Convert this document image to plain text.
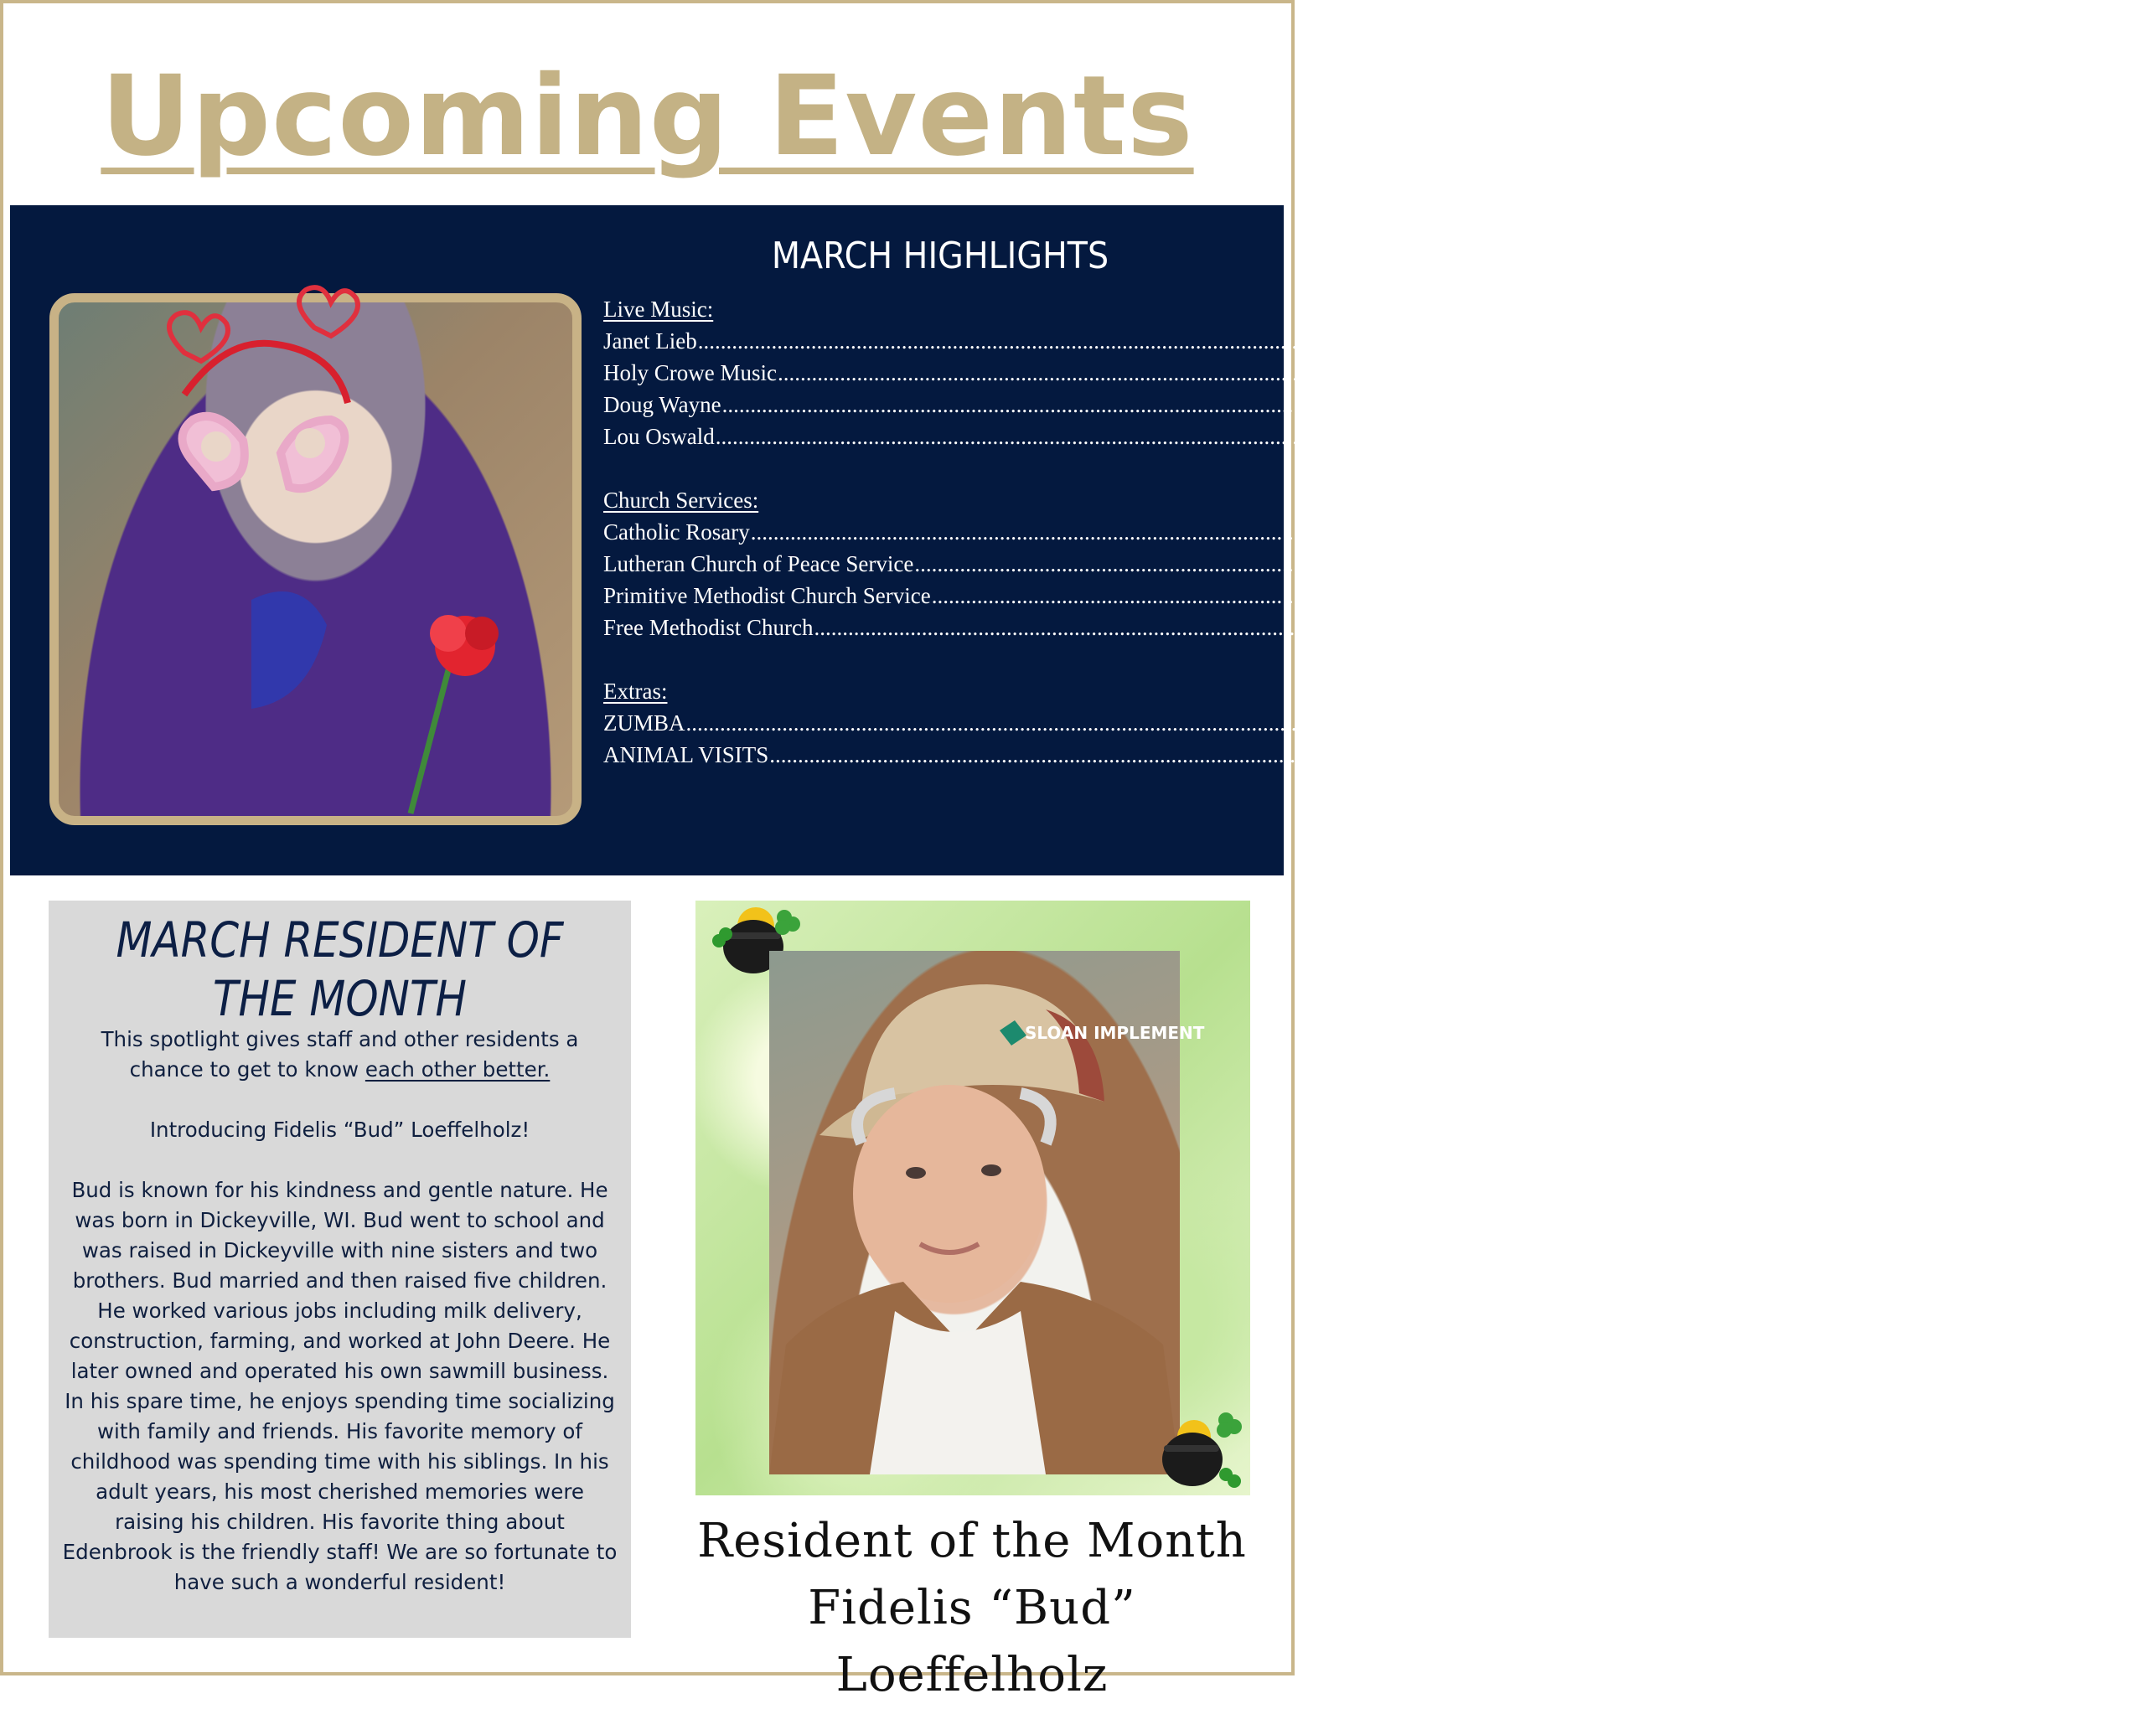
Upcoming Events
MARCH HIGHLIGHTS
Live Music:
Janet Lieb .....	March 7th
Holy Crowe Music .....	March 8th
Doug Wayne .....	March 17th
Lou Oswald .....	March 28th
Church Services:
Catholic Rosary .....	March 3rd, 10th, 24th, 31st
Lutheran Church of Peace Service .....	March 13th
Primitive Methodist Church Service .....	March 20th
Free Methodist Church .....	March 27th
Extras:
ZUMBA .....	March 6th, 19th
ANIMAL VISITS .....	March 12th, 13th, 15th, 22nd, 27th, 29th
MARCH RESIDENT OF
THE MONTH

This spotlight gives staff and other residents a chance to get to know each other better.

Introducing Fidelis “Bud” Loeffelholz!

Bud is known for his kindness and gentle nature. He was born in Dickeyville, WI. Bud went to school and was raised in Dickeyville with nine sisters and two brothers. Bud married and then raised five children. He worked various jobs including milk delivery, construction, farming, and worked at John Deere. He later owned and operated his own sawmill business. In his spare time, he enjoys spending time socializing with family and friends. His favorite memory of childhood was spending time with his siblings. In his adult years, his most cherished memories were raising his children. His favorite thing about Edenbrook is the friendly staff! We are so fortunate to have such a wonderful resident!

SLOAN IMPLEMENT
Resident of the Month
Fidelis “Bud” Loeffelholz
